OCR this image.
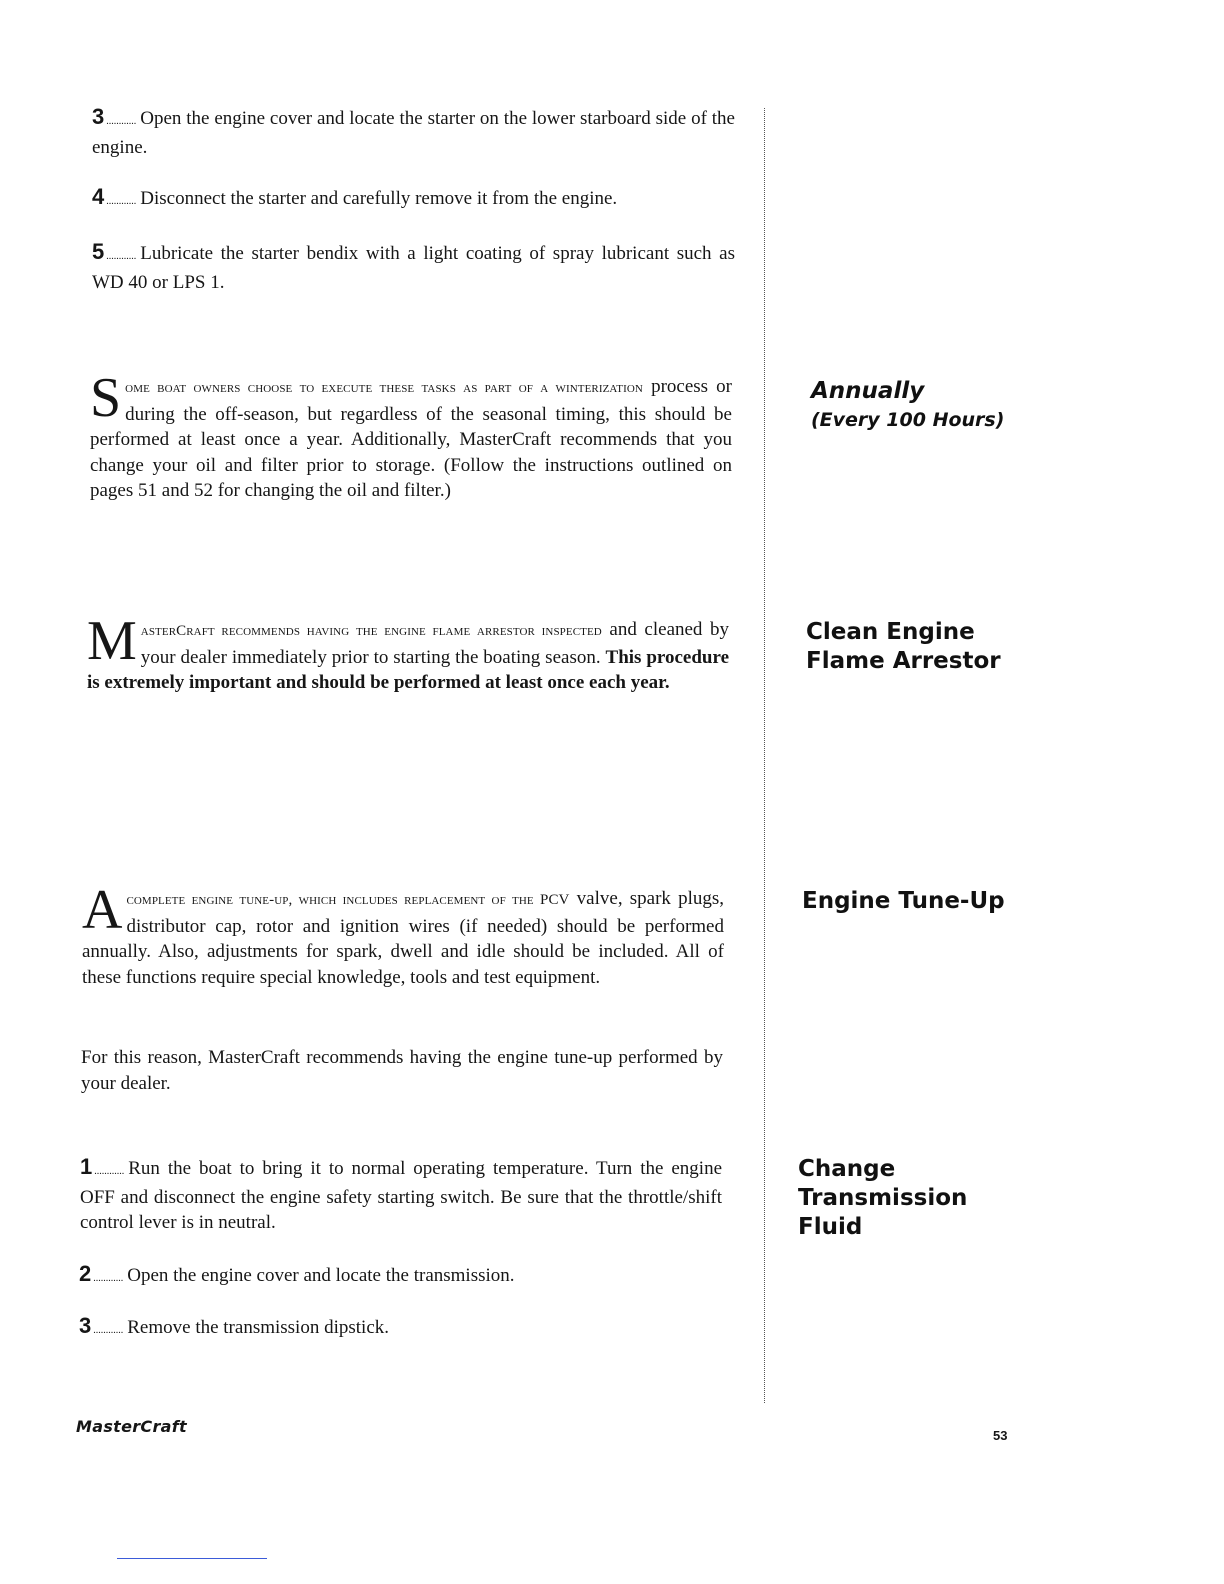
3 ............ Open the engine cover and locate the starter on the lower starboard side of the engine.
4 ............ Disconnect the starter and carefully remove it from the engine.
5 ............ Lubricate the starter bendix with a light coating of spray lubricant such as WD 40 or LPS 1.
Some boat owners choose to execute these tasks as part of a winterization process or during the off-season, but regardless of the seasonal timing, this should be performed at least once a year. Additionally, MasterCraft recommends that you change your oil and filter prior to storage. (Follow the instructions outlined on pages 51 and 52 for changing the oil and filter.)
Annually
(Every 100 Hours)
MasterCraft recommends having the engine flame arrestor inspected and cleaned by your dealer immediately prior to starting the boating season. This procedure is extremely important and should be performed at least once each year.
Clean Engine
Flame Arrestor
Acomplete engine tune-up, which includes replacement of the PCV valve, spark plugs, distributor cap, rotor and ignition wires (if needed) should be performed annually. Also, adjustments for spark, dwell and idle should be included. All of these functions require special knowledge, tools and test equipment.
For this reason, MasterCraft recommends having the engine tune-up performed by your dealer.
Engine Tune-Up
1 ............ Run the boat to bring it to normal operating temperature. Turn the engine OFF and disconnect the engine safety starting switch. Be sure that the throttle/shift control lever is in neutral.
2 ............ Open the engine cover and locate the transmission.
3 ............ Remove the transmission dipstick.
Change
Transmission
Fluid
MasterCraft	53
